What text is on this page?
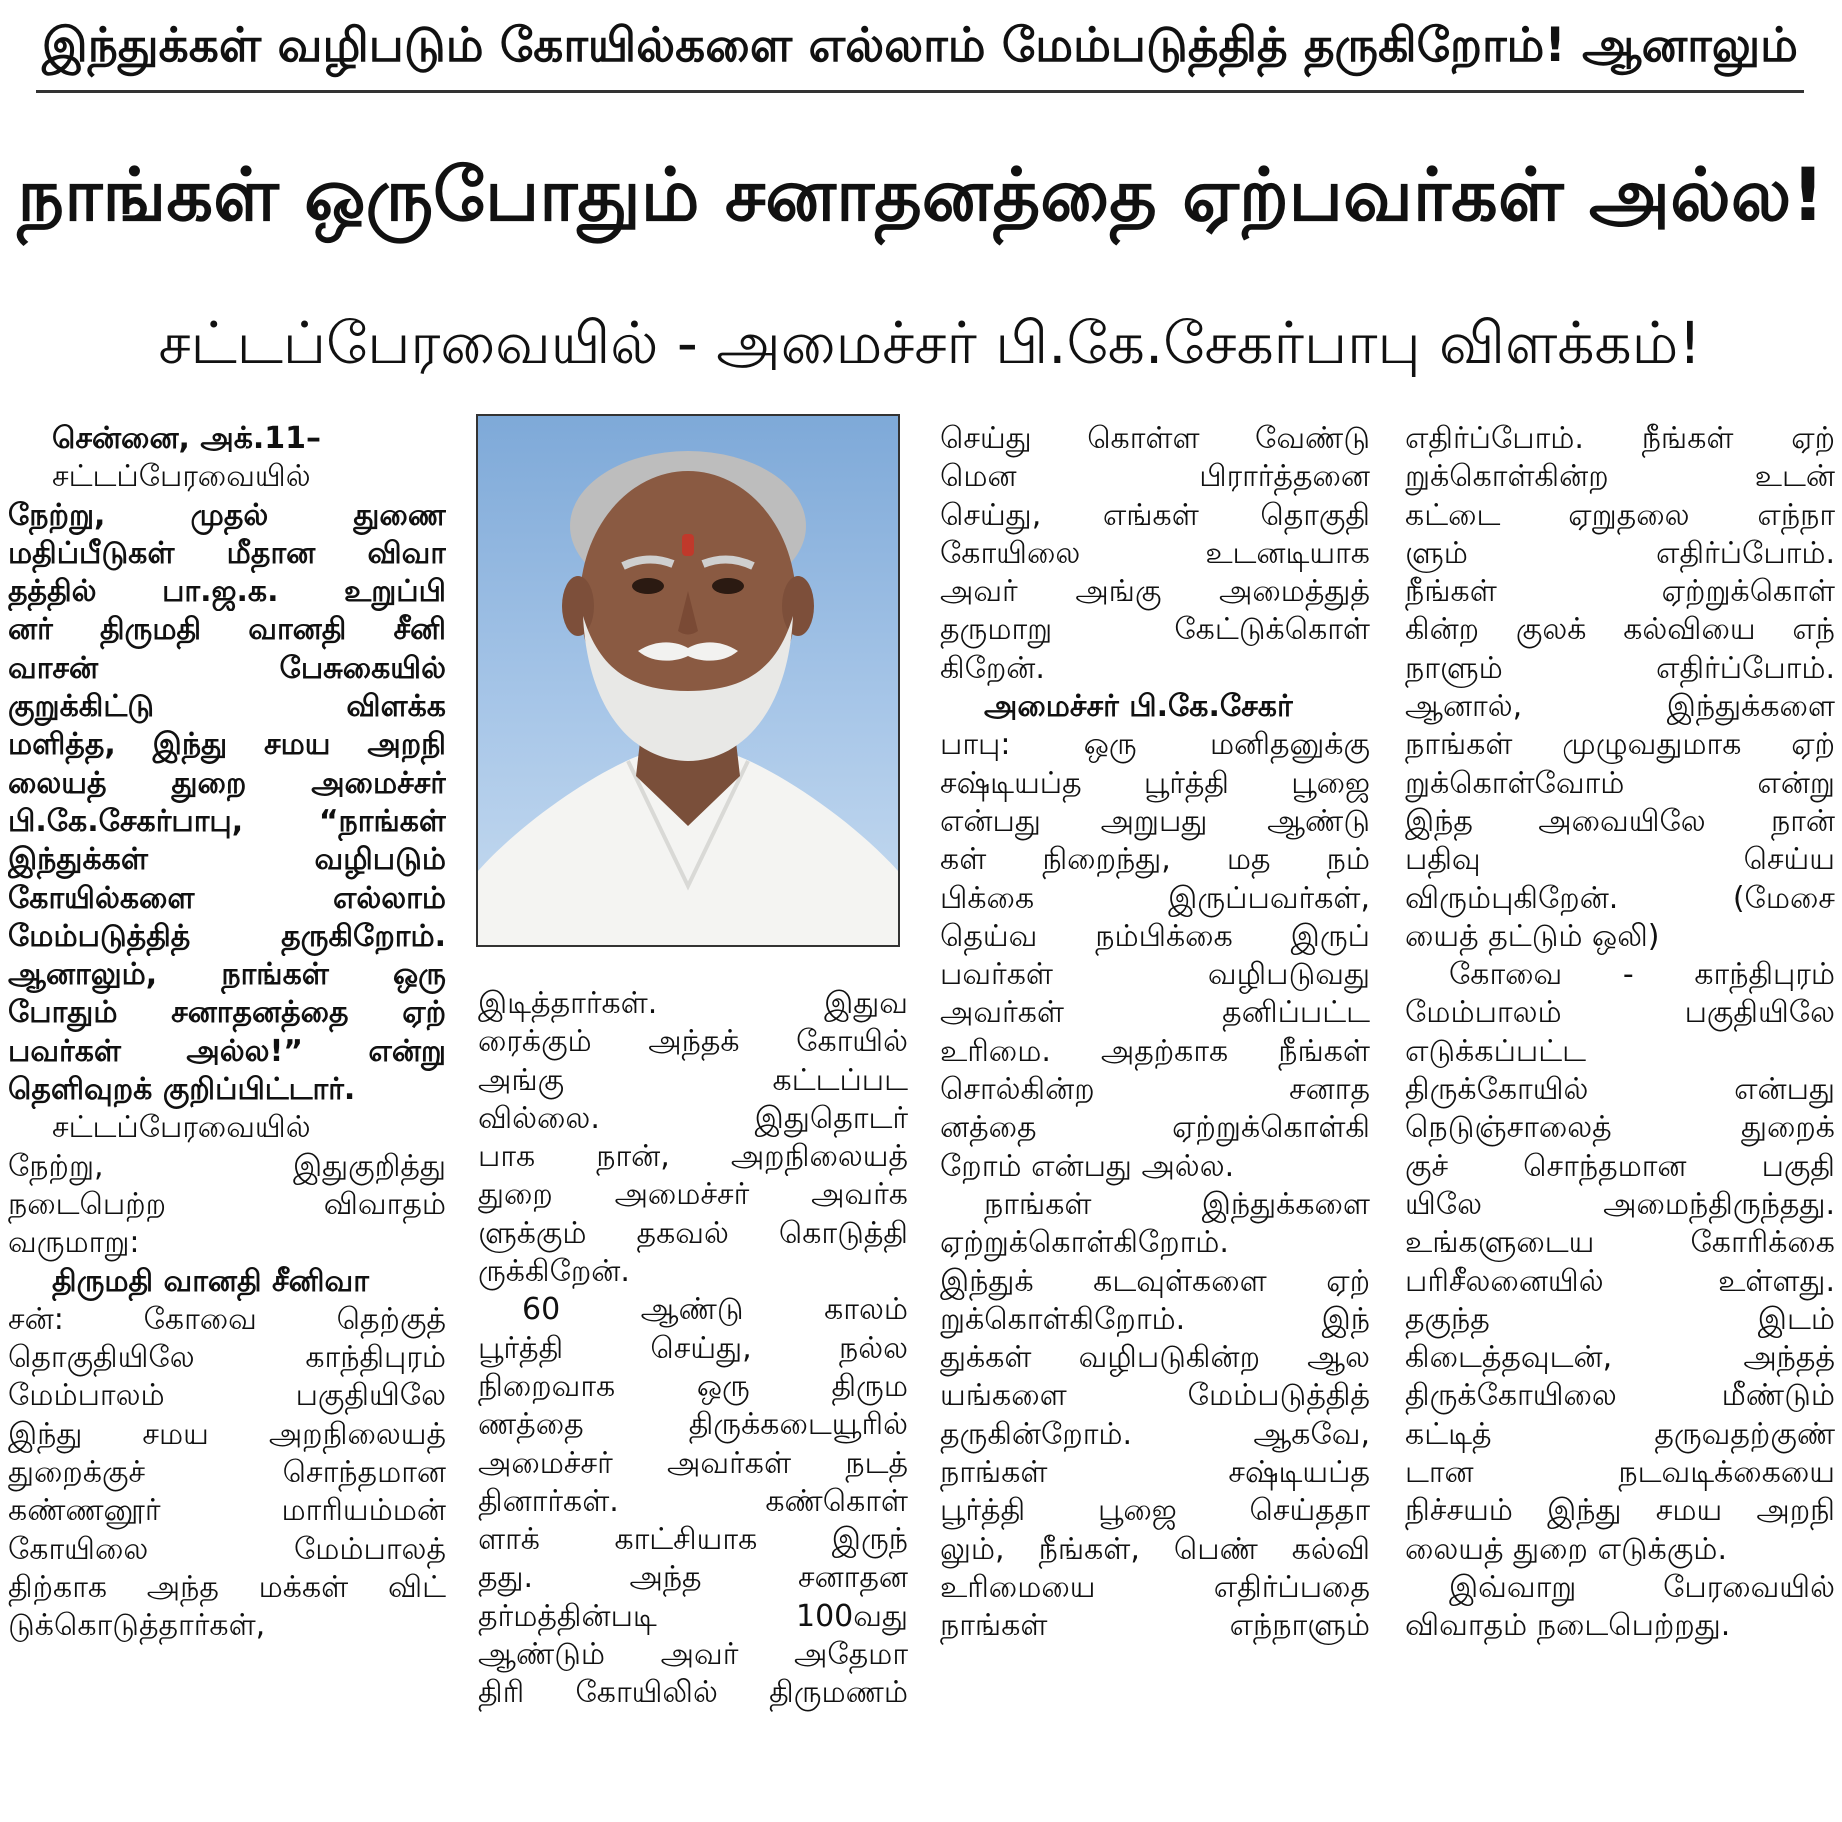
இந்துக்கள் வழிபடும் கோயில்களை எல்லாம் மேம்படுத்தித் தருகிறோம்! ஆனாலும்
நாங்கள் ஒருபோதும் சனாதனத்தை ஏற்பவர்கள் அல்ல!
சட்டப்பேரவையில் - அமைச்சர் பி.கே.சேகர்பாபு விளக்கம்!
சென்னை, அக்.11–
சட்டப்பேரவையில்
நேற்று, முதல் துணை
மதிப்பீடுகள் மீதான விவா
தத்தில் பா.ஜ.க. உறுப்பி
னர் திருமதி வானதி சீனி
வாசன் பேசுகையில்
குறுக்கிட்டு விளக்க
மளித்த, இந்து சமய அறநி
லையத் துறை அமைச்சர்
பி.கே.சேகர்பாபு, “நாங்கள்
இந்துக்கள் வழிபடும்
கோயில்களை எல்லாம்
மேம்படுத்தித் தருகிறோம்.
ஆனாலும், நாங்கள் ஒரு
போதும் சனாதனத்தை ஏற்
பவர்கள் அல்ல!” என்று
தெளிவுறக் குறிப்பிட்டார்.
சட்டப்பேரவையில்
நேற்று, இதுகுறித்து
நடைபெற்ற விவாதம்
வருமாறு:
திருமதி வானதி சீனிவா
சன்: கோவை தெற்குத்
தொகுதியிலே காந்திபுரம்
மேம்பாலம் பகுதியிலே
இந்து சமய அறநிலையத்
துறைக்குச் சொந்தமான
கண்ணனூர் மாரியம்மன்
கோயிலை மேம்பாலத்
திற்காக அந்த மக்கள் விட்
டுக்கொடுத்தார்கள்,
இடித்தார்கள். இதுவ
ரைக்கும் அந்தக் கோயில்
அங்கு கட்டப்பட
வில்லை. இதுதொடர்
பாக நான், அறநிலையத்
துறை அமைச்சர் அவர்க
ளுக்கும் தகவல் கொடுத்தி
ருக்கிறேன்.
60 ஆண்டு காலம்
பூர்த்தி செய்து, நல்ல
நிறைவாக ஒரு திரும
ணத்தை திருக்கடையூரில்
அமைச்சர் அவர்கள் நடத்
தினார்கள். கண்கொள்
ளாக் காட்சியாக இருந்
தது. அந்த சனாதன
தர்மத்தின்படி 100வது
ஆண்டும் அவர் அதேமா
திரி கோயிலில் திருமணம்
செய்து கொள்ள வேண்டு
மென பிரார்த்தனை
செய்து, எங்கள் தொகுதி
கோயிலை உடனடியாக
அவர் அங்கு அமைத்துத்
தருமாறு கேட்டுக்கொள்
கிறேன்.
அமைச்சர் பி.கே.சேகர்
பாபு: ஒரு மனிதனுக்கு
சஷ்டியப்த பூர்த்தி பூஜை
என்பது அறுபது ஆண்டு
கள் நிறைந்து, மத நம்
பிக்கை இருப்பவர்கள்,
தெய்வ நம்பிக்கை இருப்
பவர்கள் வழிபடுவது
அவர்கள் தனிப்பட்ட
உரிமை. அதற்காக நீங்கள்
சொல்கின்ற சனாத
னத்தை ஏற்றுக்கொள்கி
றோம் என்பது அல்ல.
நாங்கள் இந்துக்களை
ஏற்றுக்கொள்கிறோம்.
இந்துக் கடவுள்களை ஏற்
றுக்கொள்கிறோம். இந்
துக்கள் வழிபடுகின்ற ஆல
யங்களை மேம்படுத்தித்
தருகின்றோம். ஆகவே,
நாங்கள் சஷ்டியப்த
பூர்த்தி பூஜை செய்ததா
லும், நீங்கள், பெண் கல்வி
உரிமையை எதிர்ப்பதை
நாங்கள் எந்நாளும்
எதிர்ப்போம். நீங்கள் ஏற்
றுக்கொள்கின்ற உடன்
கட்டை ஏறுதலை எந்நா
ளும் எதிர்ப்போம்.
நீங்கள் ஏற்றுக்கொள்
கின்ற குலக் கல்வியை எந்
நாளும் எதிர்ப்போம்.
ஆனால், இந்துக்களை
நாங்கள் முழுவதுமாக ஏற்
றுக்கொள்வோம் என்று
இந்த அவையிலே நான்
பதிவு செய்ய
விரும்புகிறேன். (மேசை
யைத் தட்டும் ஒலி)
கோவை - காந்திபுரம்
மேம்பாலம் பகுதியிலே
எடுக்கப்பட்ட
திருக்கோயில் என்பது
நெடுஞ்சாலைத் துறைக்
குச் சொந்தமான பகுதி
யிலே அமைந்திருந்தது.
உங்களுடைய கோரிக்கை
பரிசீலனையில் உள்ளது.
தகுந்த இடம்
கிடைத்தவுடன், அந்தத்
திருக்கோயிலை மீண்டும்
கட்டித் தருவதற்குண்
டான நடவடிக்கையை
நிச்சயம் இந்து சமய அறநி
லையத் துறை எடுக்கும்.
இவ்வாறு பேரவையில்
விவாதம் நடைபெற்றது.
